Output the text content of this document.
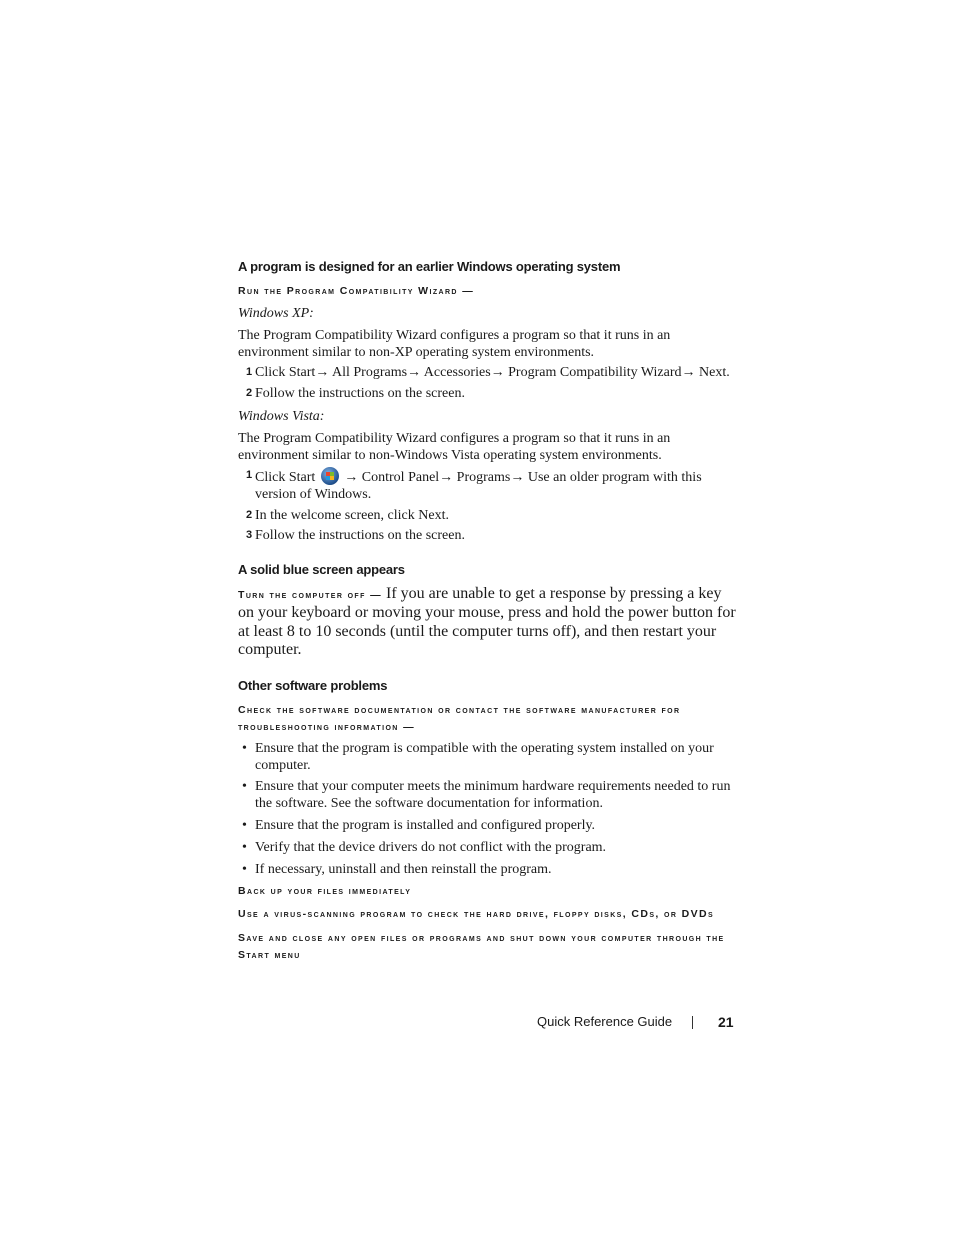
A program is designed for an earlier Windows operating system

Run the Program Compatibility Wizard —

Windows XP:

The Program Compatibility Wizard configures a program so that it runs in an environment similar to non-XP operating system environments.

1 Click Start→ All Programs→ Accessories→ Program Compatibility Wizard→ Next.

2 Follow the instructions on the screen.

Windows Vista:

The Program Compatibility Wizard configures a program so that it runs in an environment similar to non-Windows Vista operating system environments.

1 Click Start
→ Control Panel→ Programs→ Use an older program with this version of Windows.

2 In the welcome screen, click Next.

3 Follow the instructions on the screen.

A solid blue screen appears

Turn the computer off — If you are unable to get a response by pressing a key on your keyboard or moving your mouse, press and hold the power button for at least 8 to 10 seconds (until the computer turns off), and then restart your computer.

Other software problems

Check the software documentation or contact the software manufacturer for troubleshooting information —

• Ensure that the program is compatible with the operating system installed on your computer.

• Ensure that your computer meets the minimum hardware requirements needed to run the software. See the software documentation for information.

• Ensure that the program is installed and configured properly.

• Verify that the device drivers do not conflict with the program.

• If necessary, uninstall and then reinstall the program.

Back up your files immediately

Use a virus-scanning program to check the hard drive, floppy disks, CDs, or DVDs

Save and close any open files or programs and shut down your computer through the Start menu

Quick Reference Guide	21
